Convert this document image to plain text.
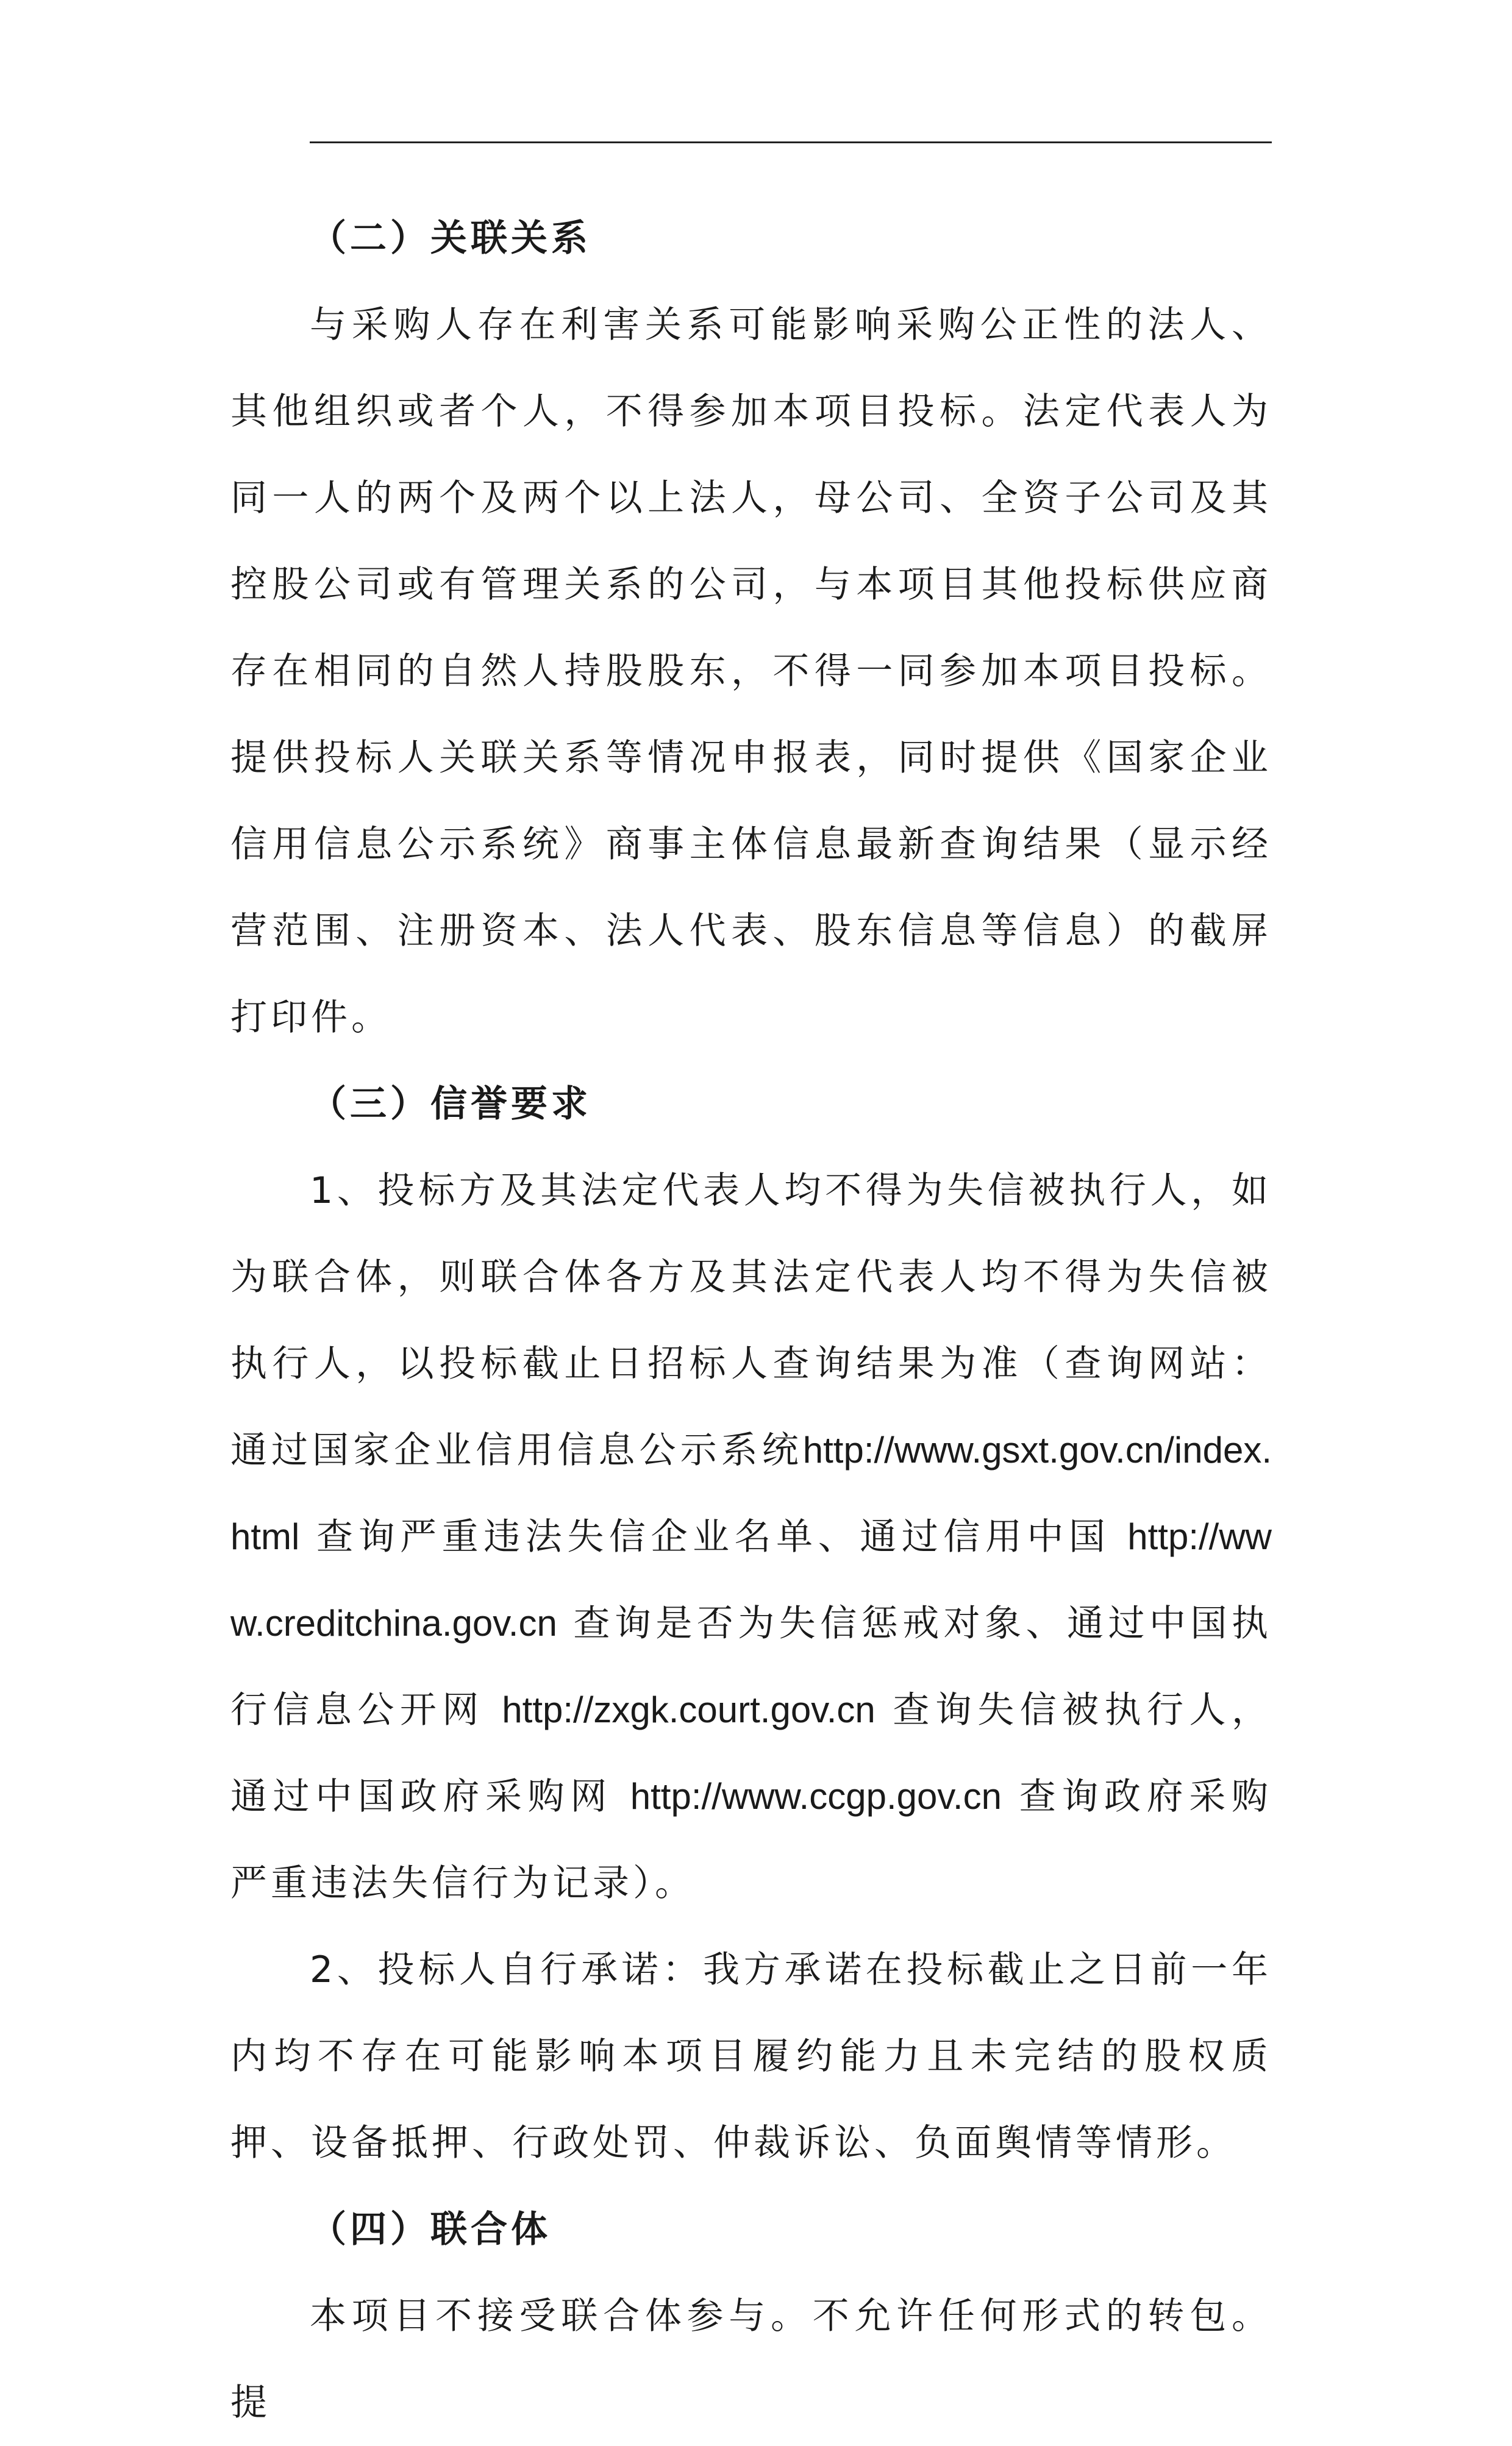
（二）关联关系

与采购人存在利害关系可能影响采购公正性的法人、其他组织或者个人，不得参加本项目投标。法定代表人为同一人的两个及两个以上法人，母公司、全资子公司及其控股公司或有管理关系的公司，与本项目其他投标供应商存在相同的自然人持股股东，不得一同参加本项目投标。提供投标人关联关系等情况申报表，同时提供《国家企业信用信息公示系统》商事主体信息最新查询结果（显示经营范围、注册资本、法人代表、股东信息等信息）的截屏打印件。

（三）信誉要求

1、投标方及其法定代表人均不得为失信被执行人，如为联合体，则联合体各方及其法定代表人均不得为失信被执行人，以投标截止日招标人查询结果为准（查询网站：通过国家企业信用信息公示系统http://www.gsxt.gov.cn/index.html 查询严重违法失信企业名单、通过信用中国 http://www.creditchina.gov.cn 查询是否为失信惩戒对象、通过中国执行信息公开网 http://zxgk.court.gov.cn 查询失信被执行人，通过中国政府采购网 http://www.ccgp.gov.cn 查询政府采购严重违法失信行为记录）。

2、投标人自行承诺：我方承诺在投标截止之日前一年内均不存在可能影响本项目履约能力且未完结的股权质押、设备抵押、行政处罚、仲裁诉讼、负面舆情等情形。

（四）联合体

本项目不接受联合体参与。不允许任何形式的转包。提
